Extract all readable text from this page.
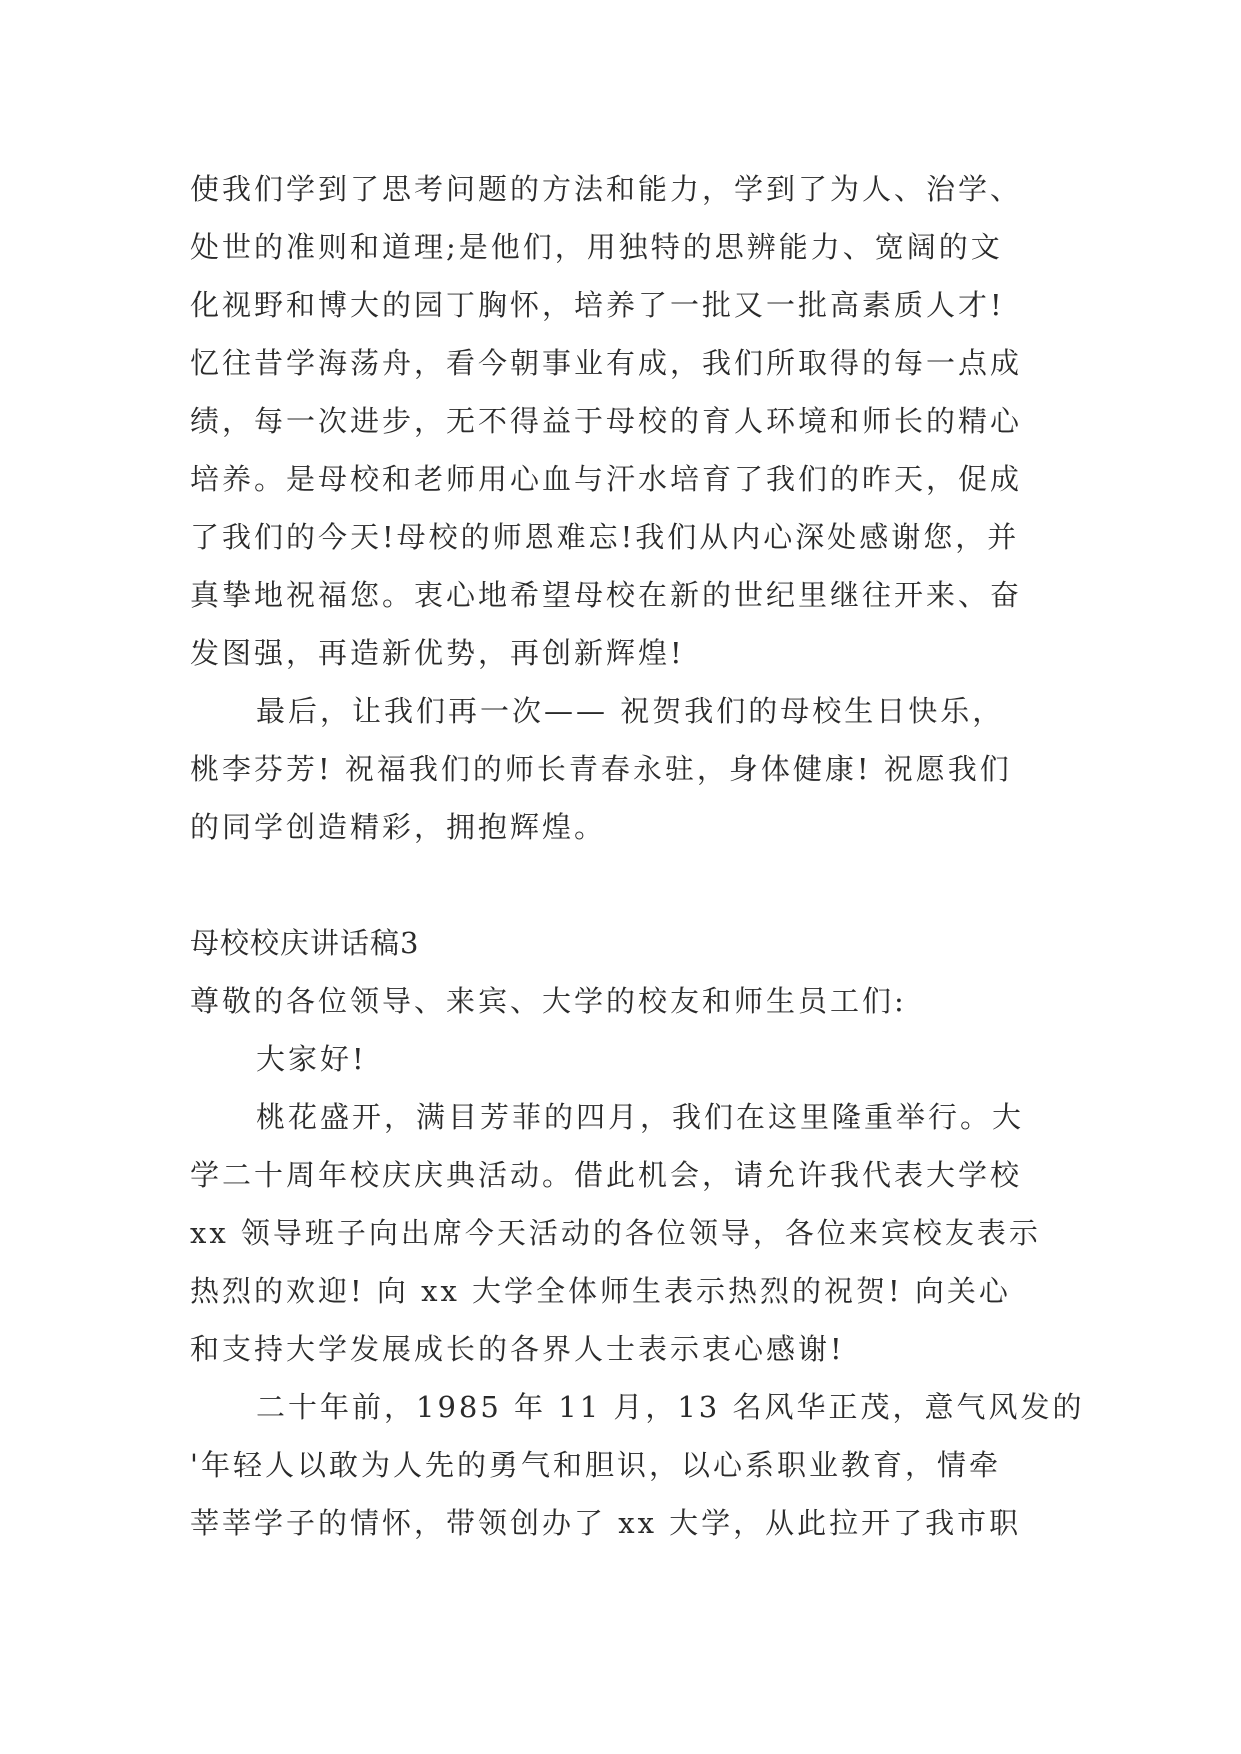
使我们学到了思考问题的方法和能力，学到了为人、治学、
处世的准则和道理;是他们，用独特的思辨能力、宽阔的文
化视野和博大的园丁胸怀，培养了一批又一批高素质人才!
忆往昔学海荡舟，看今朝事业有成，我们所取得的每一点成
绩，每一次进步，无不得益于母校的育人环境和师长的精心
培养。是母校和老师用心血与汗水培育了我们的昨天，促成
了我们的今天!母校的师恩难忘!我们从内心深处感谢您，并
真挚地祝福您。衷心地希望母校在新的世纪里继往开来、奋
发图强，再造新优势，再创新辉煌!
最后，让我们再一次—— 祝贺我们的母校生日快乐，
桃李芬芳! 祝福我们的师长青春永驻，身体健康! 祝愿我们
的同学创造精彩，拥抱辉煌。
母校校庆讲话稿3
尊敬的各位领导、来宾、大学的校友和师生员工们:
大家好!
桃花盛开，满目芳菲的四月，我们在这里隆重举行。大
学二十周年校庆庆典活动。借此机会，请允许我代表大学校
xx 领导班子向出席今天活动的各位领导，各位来宾校友表示
热烈的欢迎! 向 xx 大学全体师生表示热烈的祝贺! 向关心
和支持大学发展成长的各界人士表示衷心感谢!
二十年前，1985 年 11 月，13 名风华正茂，意气风发的
'年轻人以敢为人先的勇气和胆识，以心系职业教育，情牵
莘莘学子的情怀，带领创办了 xx 大学，从此拉开了我市职
